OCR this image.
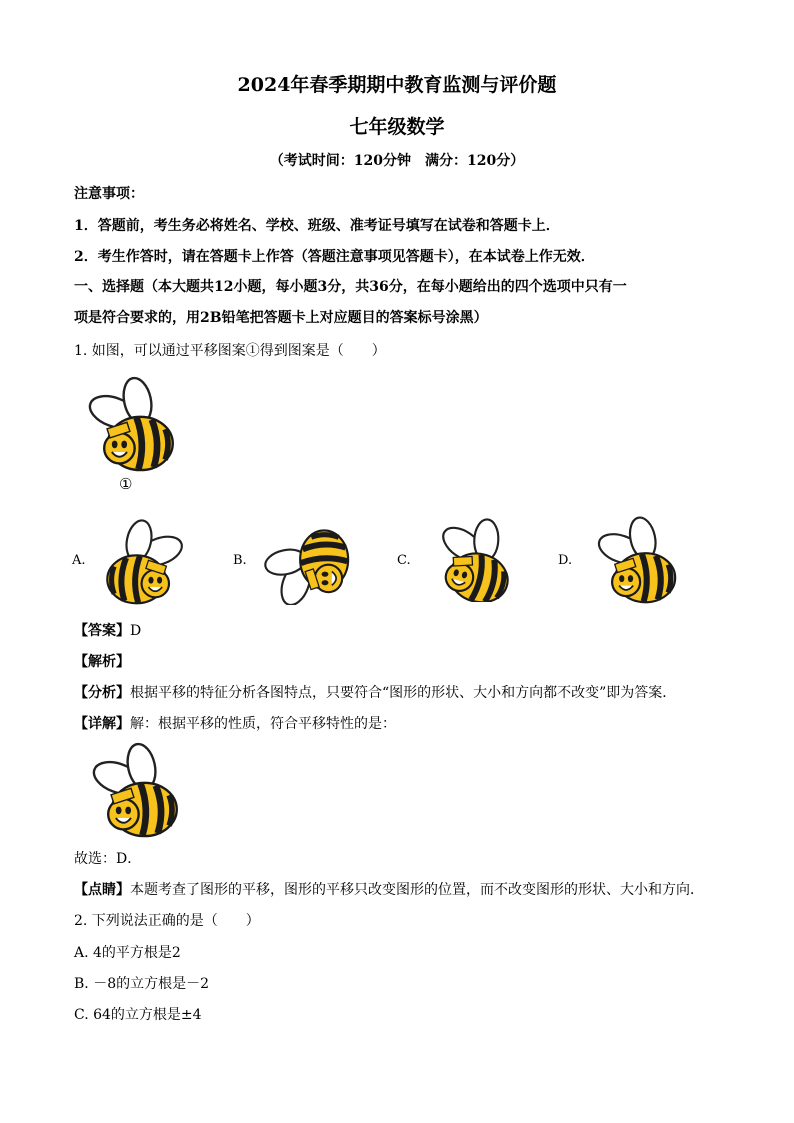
2024年春季期期中教育监测与评价题
七年级数学
（考试时间：120分钟　满分：120分）
注意事项：
1．答题前，考生务必将姓名、学校、班级、准考证号填写在试卷和答题卡上．
2．考生作答时，请在答题卡上作答（答题注意事项见答题卡），在本试卷上作无效．
一、选择题（本大题共12小题，每小题3分，共36分，在每小题给出的四个选项中只有一
项是符合要求的，用2B铅笔把答题卡上对应题目的答案标号涂黑）
1. 如图，可以通过平移图案①得到图案是（　　）
①
A.	B.	C.	D.
【答案】D
【解析】
【分析】根据平移的特征分析各图特点，只要符合“图形的形状、大小和方向都不改变”即为答案．
【详解】解：根据平移的性质，符合平移特性的是：
故选：D．
【点睛】本题考查了图形的平移，图形的平移只改变图形的位置，而不改变图形的形状、大小和方向．
2. 下列说法正确的是（　　）
A. 4的平方根是2
B. －8的立方根是－2
C. 64的立方根是±4
